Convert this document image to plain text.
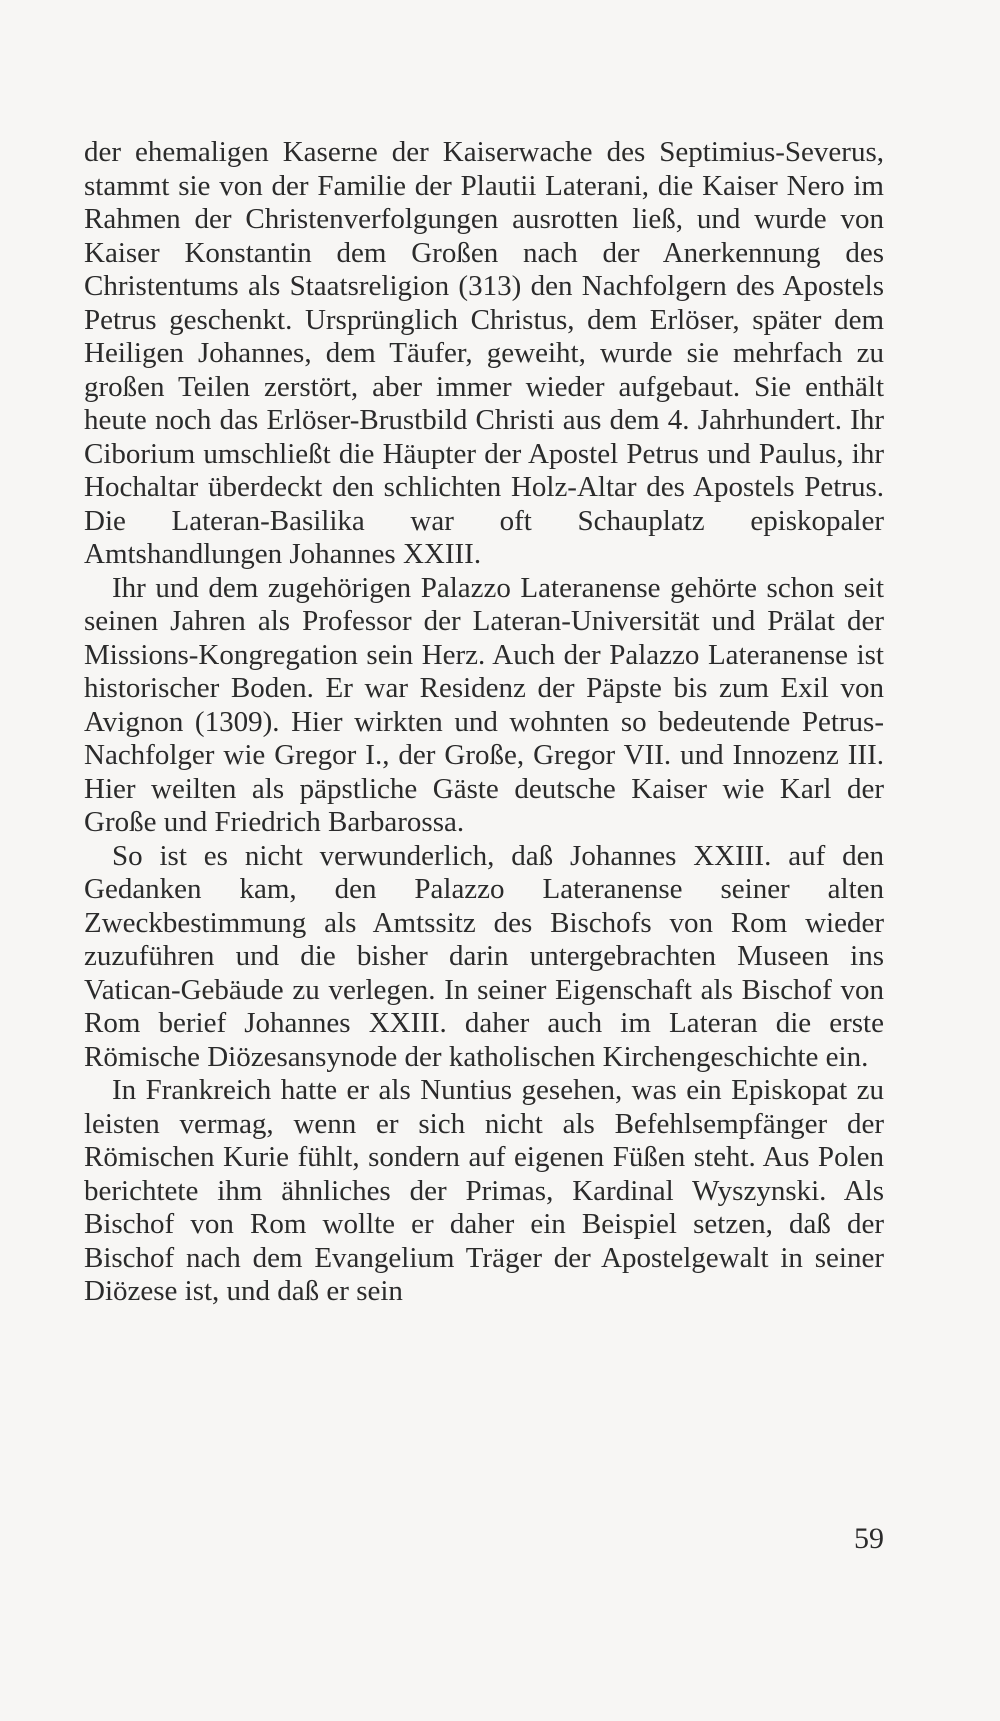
der ehemaligen Kaserne der Kaiserwache des Septimius-Severus, stammt sie von der Familie der Plautii Laterani, die Kaiser Nero im Rahmen der Christenverfolgungen ausrotten ließ, und wurde von Kaiser Konstantin dem Großen nach der Anerkennung des Christentums als Staatsreligion (313) den Nachfolgern des Apostels Petrus geschenkt. Ursprünglich Christus, dem Erlöser, später dem Heiligen Johannes, dem Täufer, geweiht, wurde sie mehrfach zu großen Teilen zerstört, aber immer wieder aufgebaut. Sie enthält heute noch das Erlöser-Brustbild Christi aus dem 4. Jahrhundert. Ihr Ciborium umschließt die Häupter der Apostel Petrus und Paulus, ihr Hochaltar überdeckt den schlichten Holz-Altar des Apostels Petrus. Die Lateran-Basilika war oft Schauplatz episkopaler Amtshandlungen Johannes XXIII.

Ihr und dem zugehörigen Palazzo Lateranense gehörte schon seit seinen Jahren als Professor der Lateran-Universität und Prälat der Missions-Kongregation sein Herz. Auch der Palazzo Lateranense ist historischer Boden. Er war Residenz der Päpste bis zum Exil von Avignon (1309). Hier wirkten und wohnten so bedeutende Petrus-Nachfolger wie Gregor I., der Große, Gregor VII. und Innozenz III. Hier weilten als päpstliche Gäste deutsche Kaiser wie Karl der Große und Friedrich Barbarossa.

So ist es nicht verwunderlich, daß Johannes XXIII. auf den Gedanken kam, den Palazzo Lateranense seiner alten Zweckbestimmung als Amtssitz des Bischofs von Rom wieder zuzuführen und die bisher darin untergebrachten Museen ins Vatican-Gebäude zu verlegen. In seiner Eigenschaft als Bischof von Rom berief Johannes XXIII. daher auch im Lateran die erste Römische Diözesansynode der katholischen Kirchengeschichte ein.

In Frankreich hatte er als Nuntius gesehen, was ein Episkopat zu leisten vermag, wenn er sich nicht als Befehlsempfänger der Römischen Kurie fühlt, sondern auf eigenen Füßen steht. Aus Polen berichtete ihm ähnliches der Primas, Kardinal Wyszynski. Als Bischof von Rom wollte er daher ein Beispiel setzen, daß der Bischof nach dem Evangelium Träger der Apostelgewalt in seiner Diözese ist, und daß er sein

59
